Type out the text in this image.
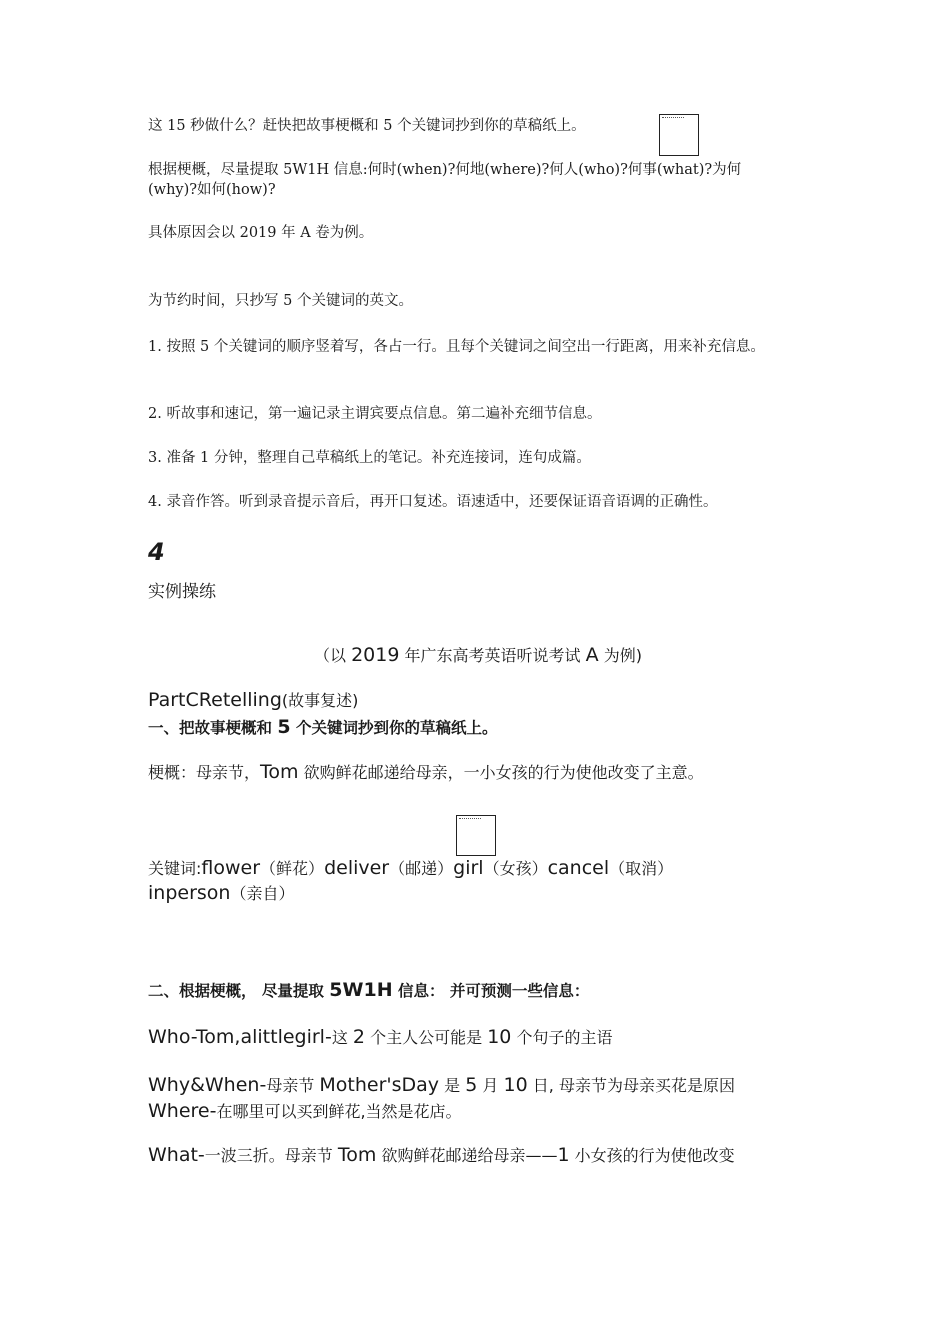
这 15 秒做什么？赶快把故事梗概和 5 个关键词抄到你的草稿纸上。
根据梗概，尽量提取 5W1H 信息:何时(when)?何地(where)?何人(who)?何事(what)?为何(why)?如何(how)?
具体原因会以 2019 年 A 卷为例。
为节约时间，只抄写 5 个关键词的英文。
1. 按照 5 个关键词的顺序竖着写，各占一行。且每个关键词之间空出一行距离，用来补充信息。
2. 听故事和速记，第一遍记录主谓宾要点信息。第二遍补充细节信息。
3. 准备 1 分钟，整理自己草稿纸上的笔记。补充连接词，连句成篇。
4. 录音作答。听到录音提示音后，再开口复述。语速适中，还要保证语音语调的正确性。
4
实例操练
（以 2019 年广东高考英语听说考试 A 为例)
PartCRetelling(故事复述)
一、把故事梗概和 5 个关键词抄到你的草稿纸上。
梗概：母亲节，Tom 欲购鲜花邮递给母亲，一小女孩的行为使他改变了主意。
关键词:flower（鲜花）deliver（邮递）girl（女孩）cancel（取消）inperson（亲自）
二、根据梗概， 尽量提取 5W1H 信息： 并可预测一些信息：
Who-Tom,alittlegirl-这 2 个主人公可能是 10 个句子的主语
Why&When-母亲节 Mother'sDay 是 5 月 10 日, 母亲节为母亲买花是原因
Where-在哪里可以买到鲜花,当然是花店。
What-一波三折。母亲节 Tom 欲购鲜花邮递给母亲——1 小女孩的行为使他改变
